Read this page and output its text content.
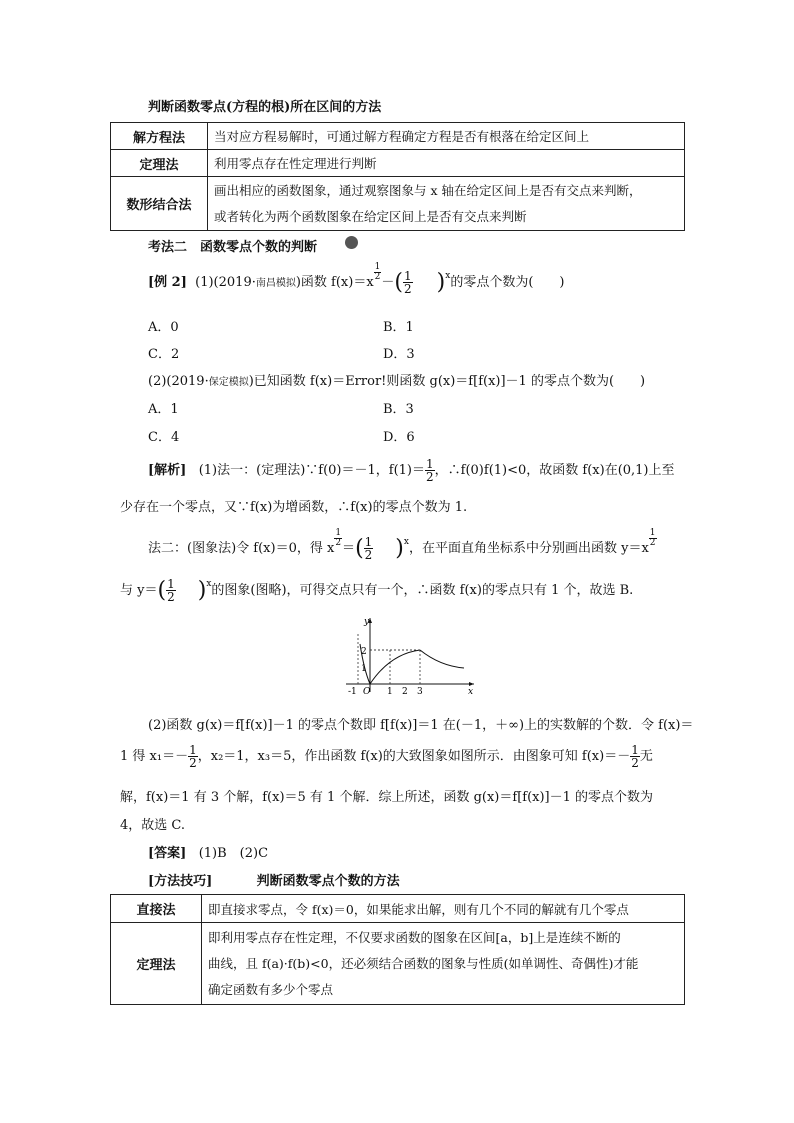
判断函数零点(方程的根)所在区间的方法
解方程法	当对应方程易解时，可通过解方程确定方程是否有根落在给定区间上
定理法	利用零点存在性定理进行判断
数形结合法	画出相应的函数图象，通过观察图象与 x 轴在给定区间上是否有交点来判断，
或者转化为两个函数图象在给定区间上是否有交点来判断
考法二　函数零点个数的判断
[例 2] (1)(2019·南昌模拟)函数 f(x)＝x
$\frac{1}{2}$
－( $\frac{1}{2} )^x$的零点个数为(　　)
A．0	B．1
C．2	D．3
(2)(2019·保定模拟)已知函数 f(x)＝Error!则函数 g(x)＝f[f(x)]－1 的零点个数为(　　)
A．1	B．3
C．4	D．6
[解析] (1)法一：(定理法)∵f(0)＝－1，$f(1)= \frac{1}{2}$ ，∴f(0)f(1)<0，故函数 f(x)在(0,1)上至
少存在一个零点，又∵f(x)为增函数，∴f(x)的零点个数为 1.
法二：(图象法)令 f(x)＝0，得 x
$\frac{1}{2}$
＝( $\frac{1}{2} )^x$，在平面直角坐标系中分别画出函数 y＝x
$\frac{1}{2}$
与 $y=( \frac{1}{2} )^x$的图象(图略)，可得交点只有一个，∴函数 f(x)的零点只有 1 个，故选 B.
y
x
O
2
1
-1	1 2 3
(2)函数 g(x)＝f[f(x)]－1 的零点个数即 f[f(x)]＝1 在(－1，＋∞)上的实数解的个数．令 f(x)＝
1 得 $x_1=- \frac{1}{2}$ ，x₂＝1，x₃＝5，作出函数 f(x)的大致图象如图所示．由图象可知 $f(x)=- \frac{1}{2}$ 无
解，f(x)＝1 有 3 个解，f(x)＝5 有 1 个解．综上所述，函数 g(x)＝f[f(x)]－1 的零点个数为
4，故选 C.
[答案] (1)B　(2)C
[方法技巧]	判断函数零点个数的方法
直接法	即直接求零点，令 f(x)＝0，如果能求出解，则有几个不同的解就有几个零点
定理法	即利用零点存在性定理，不仅要求函数的图象在区间[a，b]上是连续不断的
曲线，且 f(a)·f(b)<0，还必须结合函数的图象与性质(如单调性、奇偶性)才能
确定函数有多少个零点
